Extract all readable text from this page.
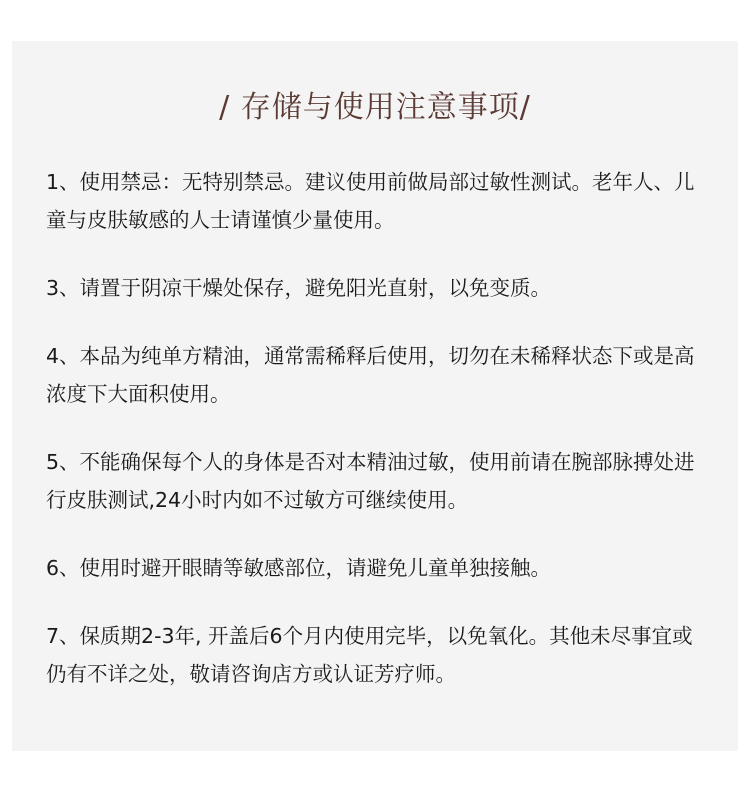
/ 存储与使用注意事项/
1、使用禁忌：无特别禁忌。建议使用前做局部过敏性测试。老年人、儿童与皮肤敏感的人士请谨慎少量使用。
3、请置于阴凉干燥处保存，避免阳光直射，以免变质。
4、本品为纯单方精油，通常需稀释后使用，切勿在未稀释状态下或是高浓度下大面积使用。
5、不能确保每个人的身体是否对本精油过敏，使用前请在腕部脉搏处进行皮肤测试,24小时内如不过敏方可继续使用。
6、使用时避开眼睛等敏感部位，请避免儿童单独接触。
7、保质期2-3年, 开盖后6个月内使用完毕，以免氧化。其他未尽事宜或仍有不详之处，敬请咨询店方或认证芳疗师。
